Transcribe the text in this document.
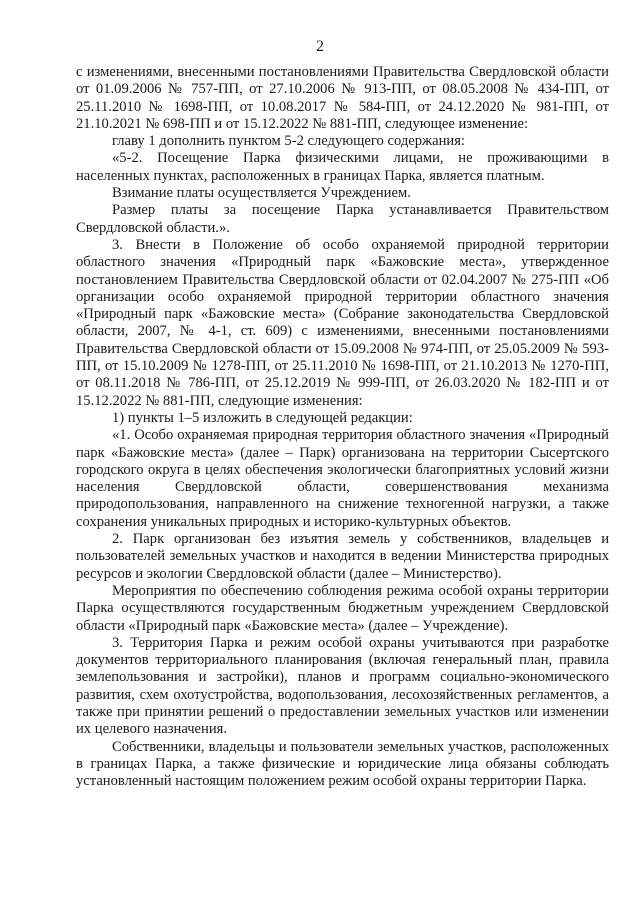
2

с изменениями, внесенными постановлениями Правительства Свердловской области от 01.09.2006 № 757-ПП, от 27.10.2006 № 913-ПП, от 08.05.2008 № 434-ПП, от 25.11.2010 № 1698-ПП, от 10.08.2017 № 584-ПП, от 24.12.2020 № 981-ПП, от 21.10.2021 № 698-ПП и от 15.12.2022 № 881-ПП, следующее изменение:

главу 1 дополнить пунктом 5-2 следующего содержания:

«5-2. Посещение Парка физическими лицами, не проживающими в населенных пунктах, расположенных в границах Парка, является платным.

Взимание платы осуществляется Учреждением.

Размер платы за посещение Парка устанавливается Правительством Свердловской области.».

3. Внести в Положение об особо охраняемой природной территории областного значения «Природный парк «Бажовские места», утвержденное постановлением Правительства Свердловской области от 02.04.2007 № 275-ПП «Об организации особо охраняемой природной территории областного значения «Природный парк «Бажовские места» (Собрание законодательства Свердловской области, 2007, № 4-1, ст. 609) с изменениями, внесенными постановлениями Правительства Свердловской области от 15.09.2008 № 974-ПП, от 25.05.2009 № 593-ПП, от 15.10.2009 № 1278-ПП, от 25.11.2010 № 1698-ПП, от 21.10.2013 № 1270-ПП, от 08.11.2018 № 786-ПП, от 25.12.2019 № 999-ПП, от 26.03.2020 № 182-ПП и от 15.12.2022 № 881-ПП, следующие изменения:

1) пункты 1–5 изложить в следующей редакции:

«1. Особо охраняемая природная территория областного значения «Природный парк «Бажовские места» (далее – Парк) организована на территории Сысертского городского округа в целях обеспечения экологически благоприятных условий жизни населения Свердловской области, совершенствования механизма природопользования, направленного на снижение техногенной нагрузки, а также сохранения уникальных природных и историко-культурных объектов.

2. Парк организован без изъятия земель у собственников, владельцев и пользователей земельных участков и находится в ведении Министерства природных ресурсов и экологии Свердловской области (далее – Министерство).

Мероприятия по обеспечению соблюдения режима особой охраны территории Парка осуществляются государственным бюджетным учреждением Свердловской области «Природный парк «Бажовские места» (далее – Учреждение).

3. Территория Парка и режим особой охраны учитываются при разработке документов территориального планирования (включая генеральный план, правила землепользования и застройки), планов и программ социально-экономического развития, схем охотустройства, водопользования, лесохозяйственных регламентов, а также при принятии решений о предоставлении земельных участков или изменении их целевого назначения.

Собственники, владельцы и пользователи земельных участков, расположенных в границах Парка, а также физические и юридические лица обязаны соблюдать установленный настоящим положением режим особой охраны территории Парка.
